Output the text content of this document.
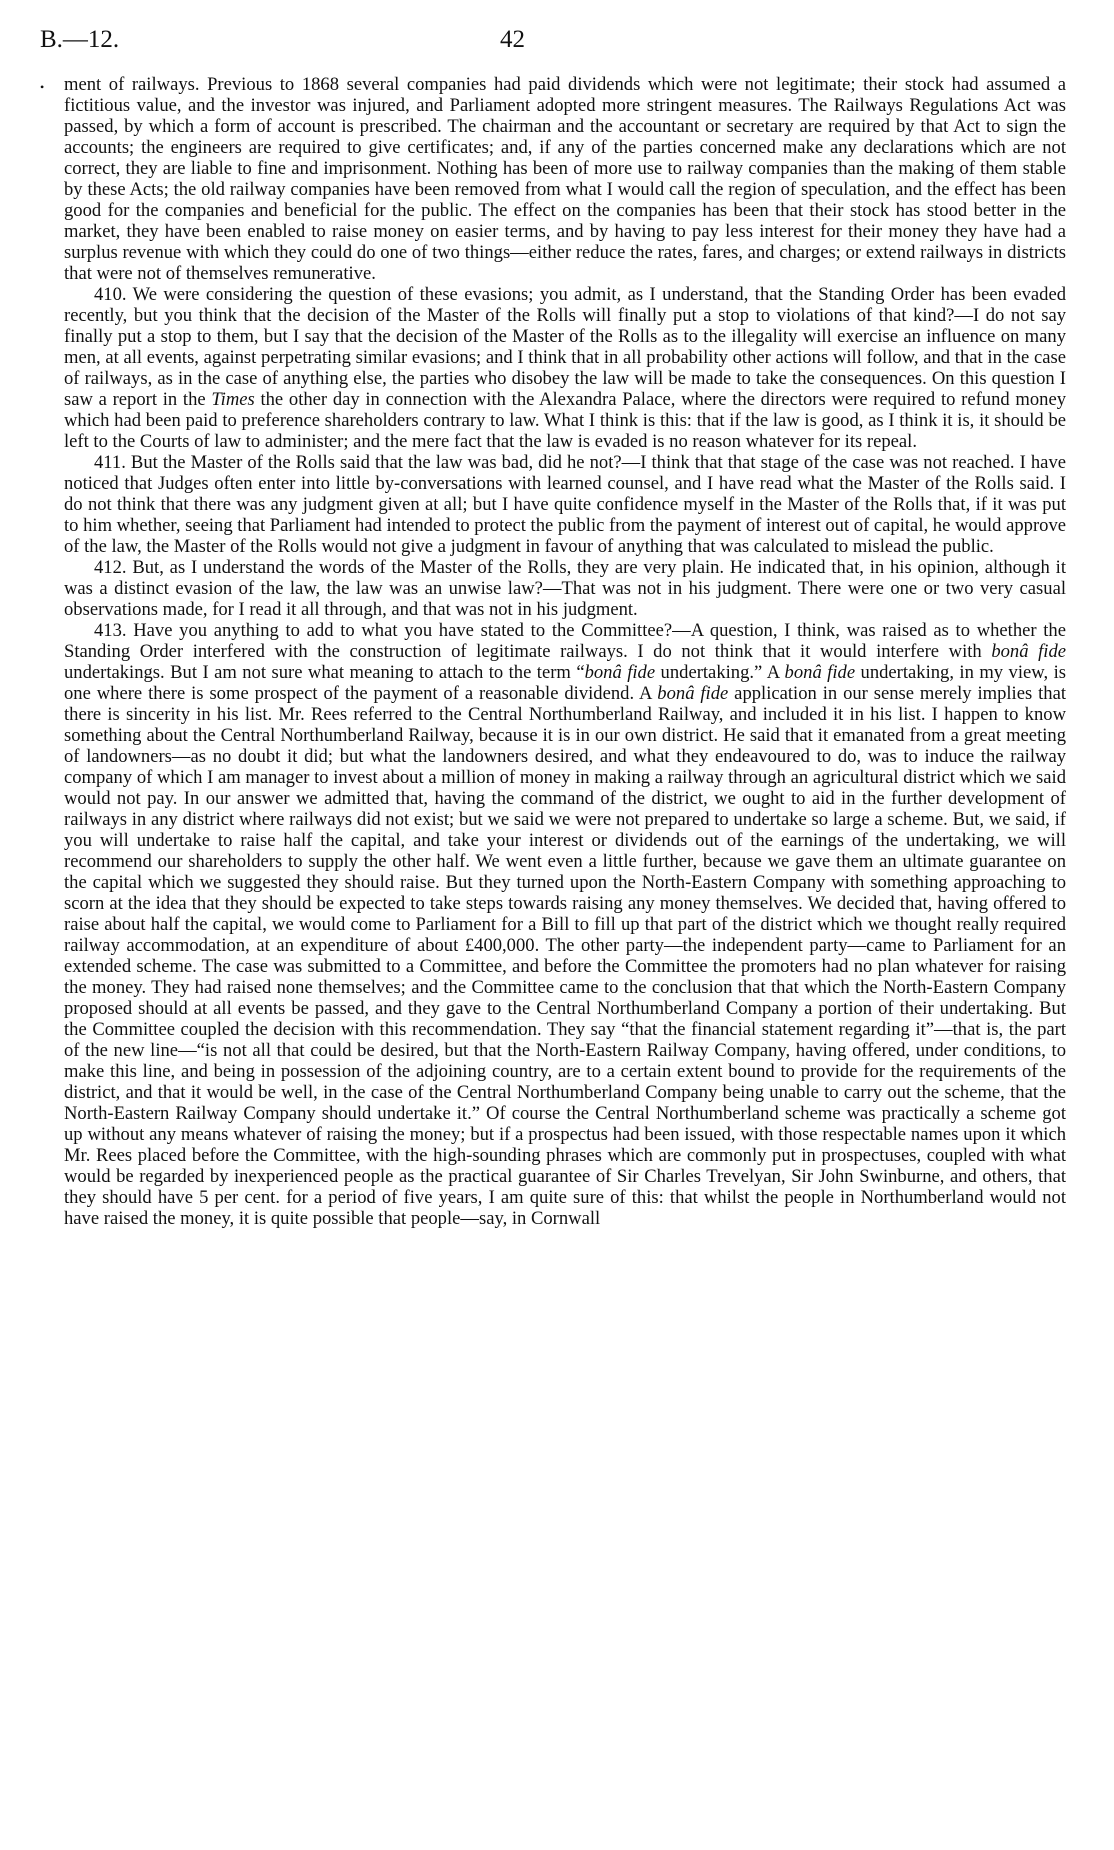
B.—12.	42
• ment of railways. Previous to 1868 several companies had paid dividends which were not legitimate; their stock had assumed a fictitious value, and the investor was injured, and Parliament adopted more stringent measures. The Railways Regulations Act was passed, by which a form of account is prescribed. The chairman and the accountant or secretary are required by that Act to sign the accounts; the engineers are required to give certificates; and, if any of the parties concerned make any declarations which are not correct, they are liable to fine and imprisonment. Nothing has been of more use to railway companies than the making of them stable by these Acts; the old railway companies have been removed from what I would call the region of speculation, and the effect has been good for the companies and beneficial for the public. The effect on the companies has been that their stock has stood better in the market, they have been enabled to raise money on easier terms, and by having to pay less interest for their money they have had a surplus revenue with which they could do one of two things—either reduce the rates, fares, and charges; or extend railways in districts that were not of themselves remunerative.

410. We were considering the question of these evasions; you admit, as I understand, that the Standing Order has been evaded recently, but you think that the decision of the Master of the Rolls will finally put a stop to violations of that kind?—I do not say finally put a stop to them, but I say that the decision of the Master of the Rolls as to the illegality will exercise an influence on many men, at all events, against perpetrating similar evasions; and I think that in all probability other actions will follow, and that in the case of railways, as in the case of anything else, the parties who disobey the law will be made to take the consequences. On this question I saw a report in the Times the other day in connection with the Alexandra Palace, where the directors were required to refund money which had been paid to preference shareholders contrary to law. What I think is this: that if the law is good, as I think it is, it should be left to the Courts of law to administer; and the mere fact that the law is evaded is no reason whatever for its repeal.

411. But the Master of the Rolls said that the law was bad, did he not?—I think that that stage of the case was not reached. I have noticed that Judges often enter into little by-conversations with learned counsel, and I have read what the Master of the Rolls said. I do not think that there was any judgment given at all; but I have quite confidence myself in the Master of the Rolls that, if it was put to him whether, seeing that Parliament had intended to protect the public from the payment of interest out of capital, he would approve of the law, the Master of the Rolls would not give a judgment in favour of anything that was calculated to mislead the public.

412. But, as I understand the words of the Master of the Rolls, they are very plain. He indicated that, in his opinion, although it was a distinct evasion of the law, the law was an unwise law?—That was not in his judgment. There were one or two very casual observations made, for I read it all through, and that was not in his judgment.

413. Have you anything to add to what you have stated to the Committee?—A question, I think, was raised as to whether the Standing Order interfered with the construction of legitimate railways. I do not think that it would interfere with bonâ fide undertakings. But I am not sure what meaning to attach to the term “bonâ fide undertaking.” A bonâ fide undertaking, in my view, is one where there is some prospect of the payment of a reasonable dividend. A bonâ fide application in our sense merely implies that there is sincerity in his list. Mr. Rees referred to the Central Northumberland Railway, and included it in his list. I happen to know something about the Central Northumberland Railway, because it is in our own district. He said that it emanated from a great meeting of landowners—as no doubt it did; but what the landowners desired, and what they endeavoured to do, was to induce the railway company of which I am manager to invest about a million of money in making a railway through an agricultural district which we said would not pay. In our answer we admitted that, having the command of the district, we ought to aid in the further development of railways in any district where railways did not exist; but we said we were not prepared to undertake so large a scheme. But, we said, if you will undertake to raise half the capital, and take your interest or dividends out of the earnings of the undertaking, we will recommend our shareholders to supply the other half. We went even a little further, because we gave them an ultimate guarantee on the capital which we suggested they should raise. But they turned upon the North-Eastern Company with something approaching to scorn at the idea that they should be expected to take steps towards raising any money themselves. We decided that, having offered to raise about half the capital, we would come to Parliament for a Bill to fill up that part of the district which we thought really required railway accommodation, at an expenditure of about £400,000. The other party—the independent party—came to Parliament for an extended scheme. The case was submitted to a Committee, and before the Committee the promoters had no plan whatever for raising the money. They had raised none themselves; and the Committee came to the conclusion that that which the North-Eastern Company proposed should at all events be passed, and they gave to the Central Northumberland Company a portion of their undertaking. But the Committee coupled the decision with this recommendation. They say “that the financial statement regarding it”—that is, the part of the new line—“is not all that could be desired, but that the North-Eastern Railway Company, having offered, under conditions, to make this line, and being in possession of the adjoining country, are to a certain extent bound to provide for the requirements of the district, and that it would be well, in the case of the Central Northumberland Company being unable to carry out the scheme, that the North-Eastern Railway Company should undertake it.” Of course the Central Northumberland scheme was practically a scheme got up without any means whatever of raising the money; but if a prospectus had been issued, with those respectable names upon it which Mr. Rees placed before the Committee, with the high-sounding phrases which are commonly put in prospectuses, coupled with what would be regarded by inexperienced people as the practical guarantee of Sir Charles Trevelyan, Sir John Swinburne, and others, that they should have 5 per cent. for a period of five years, I am quite sure of this: that whilst the people in Northumberland would not have raised the money, it is quite possible that people—say, in Cornwall
